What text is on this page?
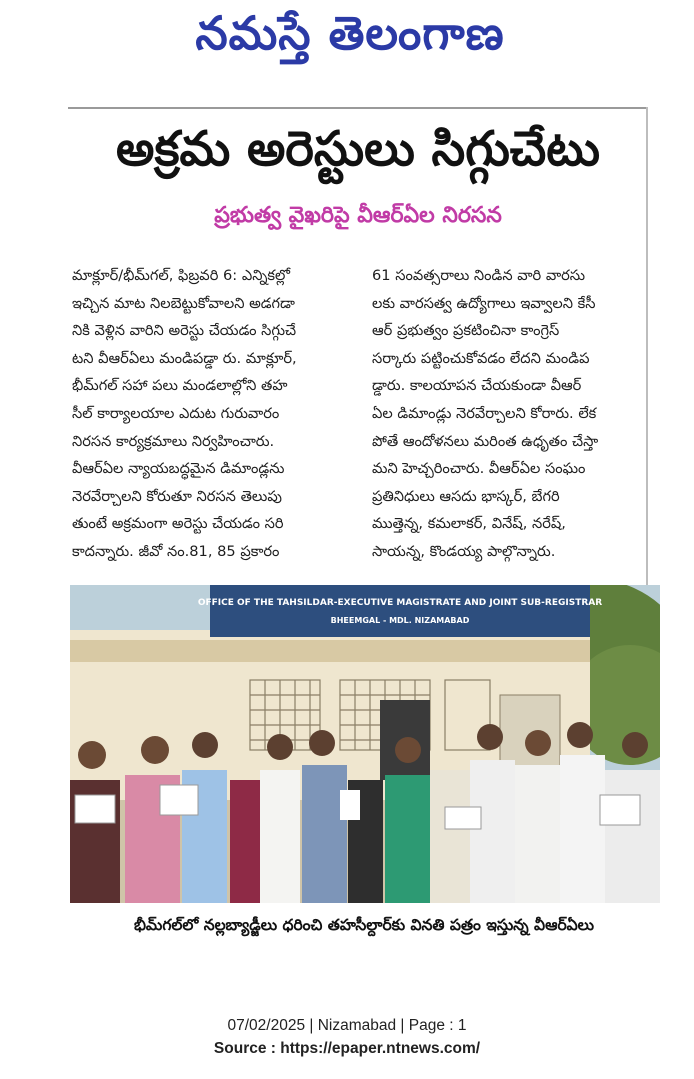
నమస్తే తెలంగాణ
అక్రమ అరెస్టులు సిగ్గుచేటు
ప్రభుత్వ వైఖరిపై వీఆర్ఏల నిరసన
మాక్లూర్/భీమ్‌గల్, ఫిబ్రవరి 6: ఎన్నికల్లో
ఇచ్చిన మాట నిలబెట్టుకోవాలని అడగడా
నికి వెళ్లిన వారిని అరెస్టు చేయడం సిగ్గుచే
టని వీఆర్ఏలు మండిపడ్డా రు. మాక్లూర్,
భీమ్‌గల్ సహా పలు మండలాల్లోని తహ
సీల్ కార్యాలయాల ఎదుట గురువారం
నిరసన కార్యక్రమాలు నిర్వహించారు.
వీఆర్ఏల న్యాయబద్ధమైన డిమాండ్లను
నెరవేర్చాలని కోరుతూ నిరసన తెలుపు
తుంటే అక్రమంగా అరెస్టు చేయడం సరి
కాదన్నారు. జీవో నం.81, 85 ప్రకారం
61 సంవత్సరాలు నిండిన వారి వారసు
లకు వారసత్వ ఉద్యోగాలు ఇవ్వాలని కేసీ
ఆర్ ప్రభుత్వం ప్రకటించినా కాంగ్రెస్
సర్కారు పట్టించుకోవడం లేదని మండిప
డ్డారు. కాలయాపన చేయకుండా వీఆర్
ఏల డిమాండ్లు నెరవేర్చాలని కోరారు. లేక
పోతే ఆందోళనలు మరింత ఉధృతం చేస్తా
మని హెచ్చరించారు. వీఆర్ఏల సంఘం
ప్రతినిధులు ఆసదు భాస్కర్, బేగరి
ముత్తెన్న, కమలాకర్, వినేష్, నరేష్,
సాయన్న, కొండయ్య పాల్గొన్నారు.
OFFICE OF THE TAHSILDAR-EXECUTIVE MAGISTRATE AND JOINT SUB-REGISTRAR
BHEEMGAL - MDL. NIZAMABAD
భీమ్‌గల్‌లో నల్లబ్యాడ్జీలు ధరించి తహసీల్దార్‌కు వినతి పత్రం ఇస్తున్న వీఆర్ఏలు
07/02/2025 | Nizamabad | Page : 1
Source : https://epaper.ntnews.com/
